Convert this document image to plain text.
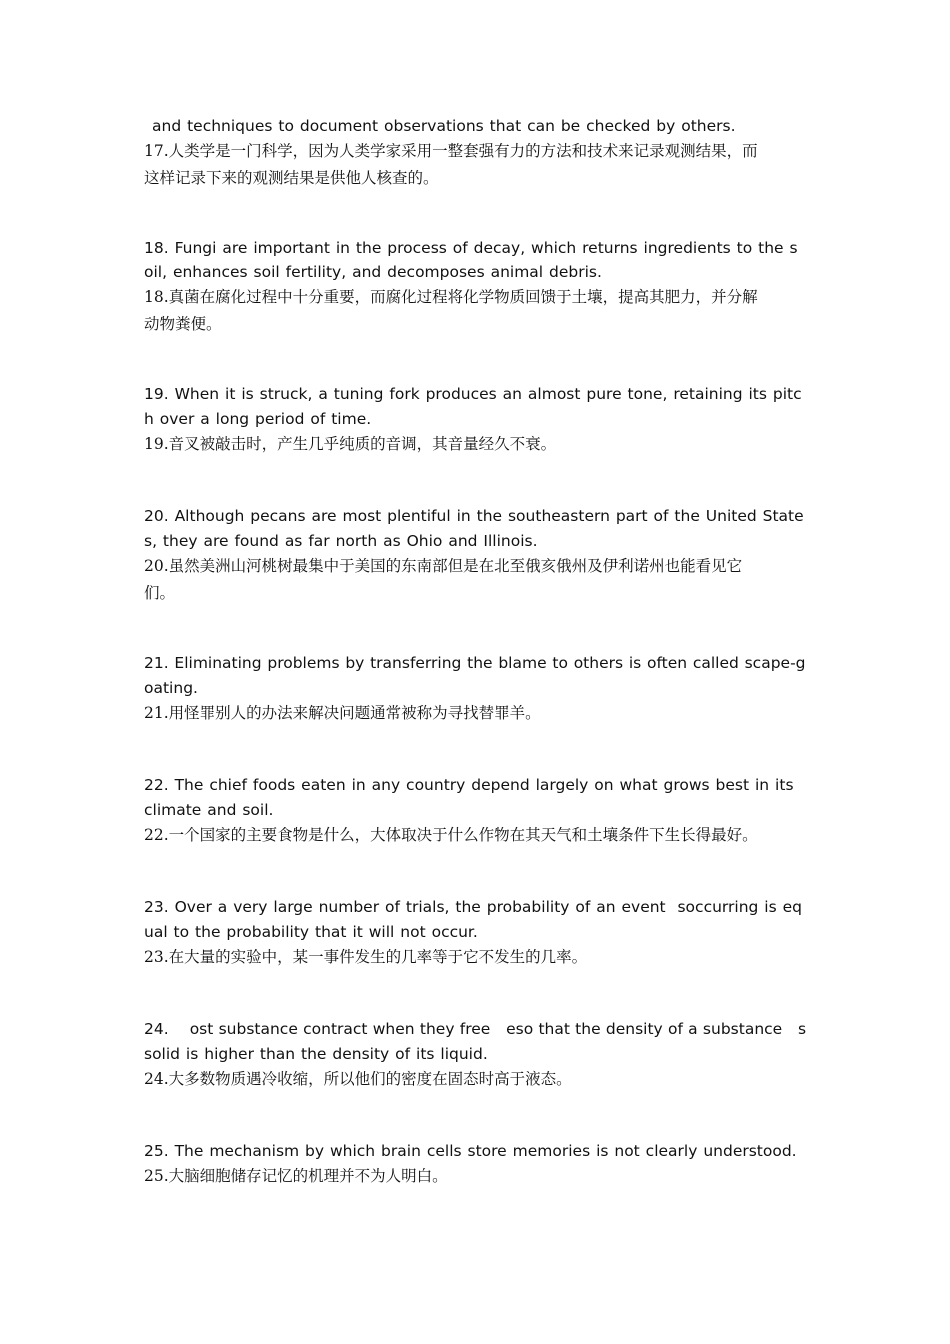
and techniques to document observations that can be checked by others.
17.人类学是一门科学，因为人类学家采用一整套强有力的方法和技术来记录观测结果，而
这样记录下来的观测结果是供他人核查的。
18. Fungi are important in the process of decay, which returns ingredients to the s
oil, enhances soil fertility, and decomposes animal debris.
18.真菌在腐化过程中十分重要，而腐化过程将化学物质回馈于土壤，提高其肥力，并分解
动物粪便。
19. When it is struck, a tuning fork produces an almost pure tone, retaining its pitc
h over a long period of time.
19.音叉被敲击时，产生几乎纯质的音调，其音量经久不衰。
20. Although pecans are most plentiful in the southeastern part of the United State
s, they are found as far north as Ohio and Illinois.
20.虽然美洲山河桃树最集中于美国的东南部但是在北至俄亥俄州及伊利诺州也能看见它
们。
21. Eliminating problems by transferring the blame to others is often called scape-g
oating.
21.用怪罪别人的办法来解决问题通常被称为寻找替罪羊。
22. The chief foods eaten in any country depend largely on what grows best in its
climate and soil.
22.一个国家的主要食物是什么，大体取决于什么作物在其天气和土壤条件下生长得最好。
23. Over a very large number of trials, the probability of an event  soccurring is eq
ual to the probability that it will not occur.
23.在大量的实验中，某一事件发生的几率等于它不发生的几率。
24.    ost substance contract when they free   eso that the density of a substance   s
solid is higher than the density of its liquid.
24.大多数物质遇冷收缩，所以他们的密度在固态时高于液态。
25. The mechanism by which brain cells store memories is not clearly understood.
25.大脑细胞储存记忆的机理并不为人明白。
